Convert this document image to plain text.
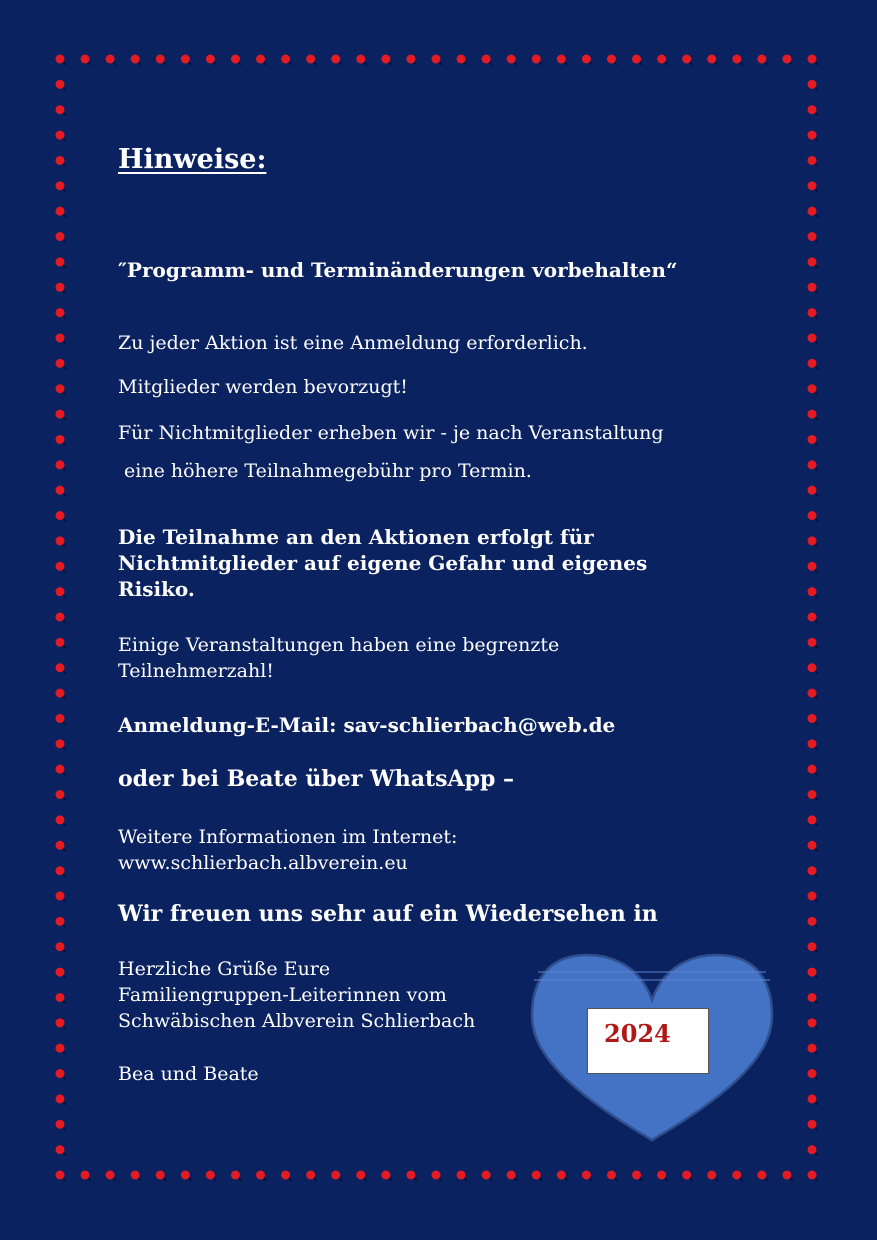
Hinweise:

″Programm- und Terminänderungen vorbehalten“

Zu jeder Aktion ist eine Anmeldung erforderlich.

Mitglieder werden bevorzugt!

Für Nichtmitglieder erheben wir - je nach Veranstaltung

eine höhere Teilnahmegebühr pro Termin.

Die Teilnahme an den Aktionen erfolgt für
Nichtmitglieder auf eigene Gefahr und eigenes
Risiko.
Einige Veranstaltungen haben eine begrenzte
Teilnehmerzahl!

Anmeldung-E-Mail: sav-schlierbach@web.de

oder bei Beate über WhatsApp –

Weitere Informationen im Internet:
www.schlierbach.albverein.eu

Wir freuen uns sehr auf ein Wiedersehen in

Herzliche Grüße Eure
Familiengruppen-Leiterinnen vom
Schwäbischen Albverein Schlierbach

Bea und Beate

2024
